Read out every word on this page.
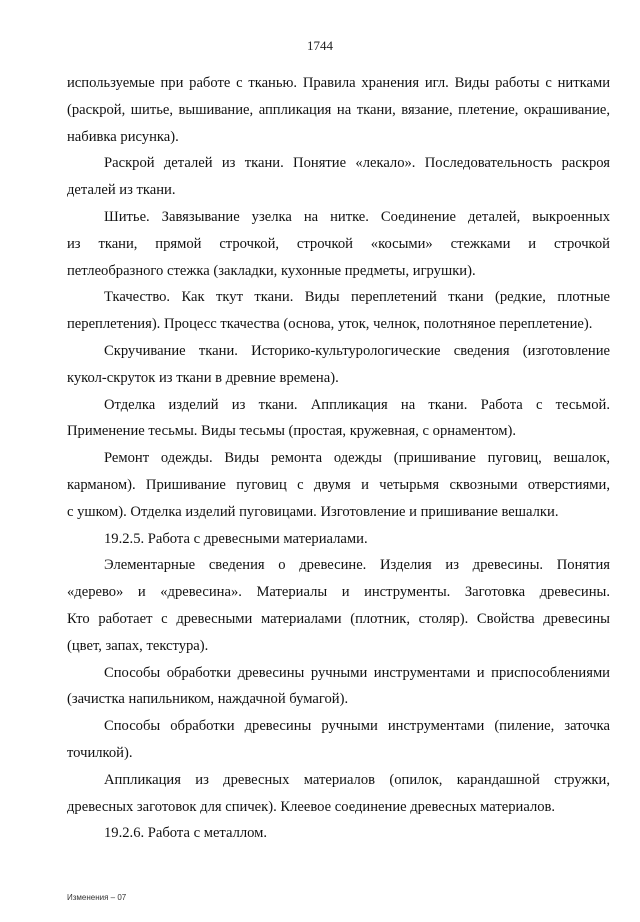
1744

используемые при работе с тканью. Правила хранения игл. Виды работы с нитками
(раскрой, шитье, вышивание, аппликация на ткани, вязание, плетение, окрашивание,
набивка рисунка).

Раскрой деталей из ткани. Понятие «лекало». Последовательность раскроя
деталей из ткани.

Шитье. Завязывание узелка на нитке. Соединение деталей, выкроенных
из ткани, прямой строчкой, строчкой «косыми» стежками и строчкой
петлеобразного стежка (закладки, кухонные предметы, игрушки).

Ткачество. Как ткут ткани. Виды переплетений ткани (редкие, плотные
переплетения). Процесс ткачества (основа, уток, челнок, полотняное переплетение).

Скручивание ткани. Историко-культурологические сведения (изготовление
кукол-скруток из ткани в древние времена).

Отделка изделий из ткани. Аппликация на ткани. Работа с тесьмой.
Применение тесьмы. Виды тесьмы (простая, кружевная, с орнаментом).

Ремонт одежды. Виды ремонта одежды (пришивание пуговиц, вешалок,
карманом). Пришивание пуговиц с двумя и четырьмя сквозными отверстиями,
с ушком). Отделка изделий пуговицами. Изготовление и пришивание вешалки.

19.2.5. Работа с древесными материалами.

Элементарные сведения о древесине. Изделия из древесины. Понятия
«дерево» и «древесина». Материалы и инструменты. Заготовка древесины.
Кто работает с древесными материалами (плотник, столяр). Свойства древесины
(цвет, запах, текстура).

Способы обработки древесины ручными инструментами и приспособлениями
(зачистка напильником, наждачной бумагой).

Способы обработки древесины ручными инструментами (пиление, заточка
точилкой).

Аппликация из древесных материалов (опилок, карандашной стружки,
древесных заготовок для спичек). Клеевое соединение древесных материалов.

19.2.6. Работа с металлом.

Изменения – 07
